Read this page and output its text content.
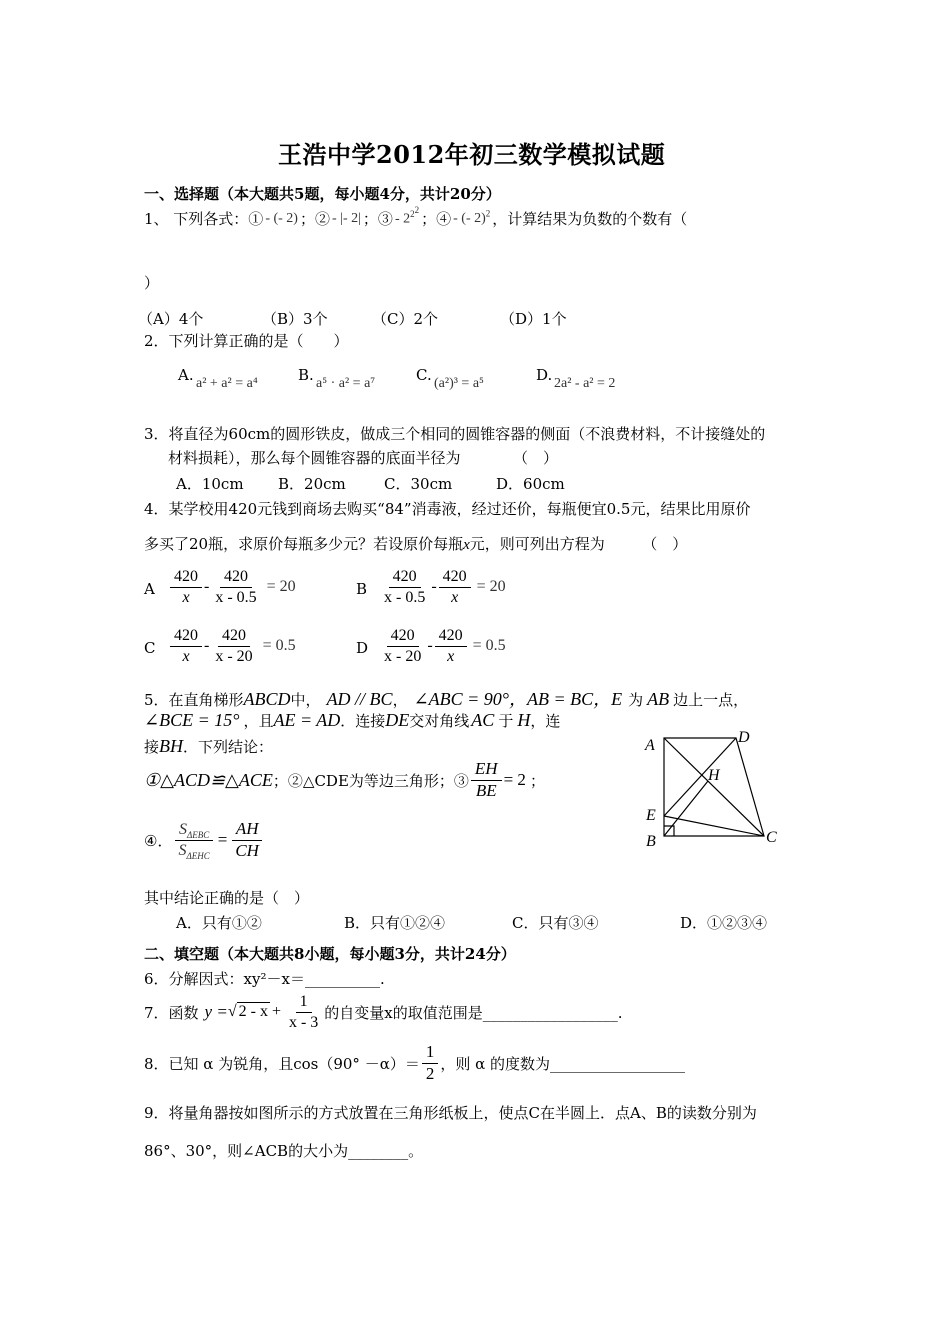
王浩中学2012年初三数学模拟试题
一、选择题（本大题共5题，每小题4分，共计20分）
1、 下列各式：① - (- 2) ；② - |- 2| ；③ - $2^{2^2}$
；④ - (- 2)$^2$ ，计算结果为负数的个数有（
）
（A）4个	（B）3个	（C）2个	（D）1个
2．下列计算正确的是（　　）
A. a² + a² = a⁴	B. a⁵ · a² = a⁷	C. (a²)³ = a⁵	D. 2a² - a² = 2
3．将直径为60cm的圆形铁皮，做成三个相同的圆锥容器的侧面（不浪费材料，不计接缝处的
材料损耗），那么每个圆锥容器的底面半径为　　　　（　）
A．10cm B．20cm	C．30cm	D．60cm
4．某学校用420元钱到商场去购买“84”消毒液，经过还价，每瓶便宜0.5元，结果比用原价
多买了20瓶，求原价每瓶多少元？若设原价每瓶x元，则可列出方程为　　　（　）
A $\frac{420}{x} - \frac{420}{x - 0.5} = 20$	B $\frac{420}{x - 0.5} - \frac{420}{x} = 20$
C $\frac{420}{x} - \frac{420}{x - 20} = 0.5$	D $\frac{420}{x - 20} - \frac{420}{x} = 0.5$
5．在直角梯形 ABCD 中， AD // BC ， ∠ABC = 90°，AB = BC，E 为 AB 边上一点，
∠BCE = 15° ，且 AE = AD ．连接 DE 交对角线 AC 于 H ，连
接 BH ．下列结论：
①△ACD≌△ACE ；②△CDE 为等边三角形；③ $\frac{EH}{BE} = 2$ ；
④． $\frac{S_{\Delta EBC}}{S_{\Delta EHC}} = \frac{AH}{CH}$
A	D
H
E
B	C
其中结论正确的是（　）
A．只有①②	B．只有①②④	C．只有③④	D．①②③④
二、填空题（本大题共8小题，每小题3分，共计24分）
6．分解因式：xy²－x＝__________.
7．函数 y = √ $2 - x + \frac{1}{x - 3}$ 的自变量x的取值范围是__________________.
8．已知 α 为锐角，且$\cos(90^\circ -\alpha)= \frac{1}{2}$ ，则 α 的度数为__________________
9．将量角器按如图所示的方式放置在三角形纸板上，使点C在半圆上．点A、B的读数分别为
86°、30°，则∠ACB的大小为________。
